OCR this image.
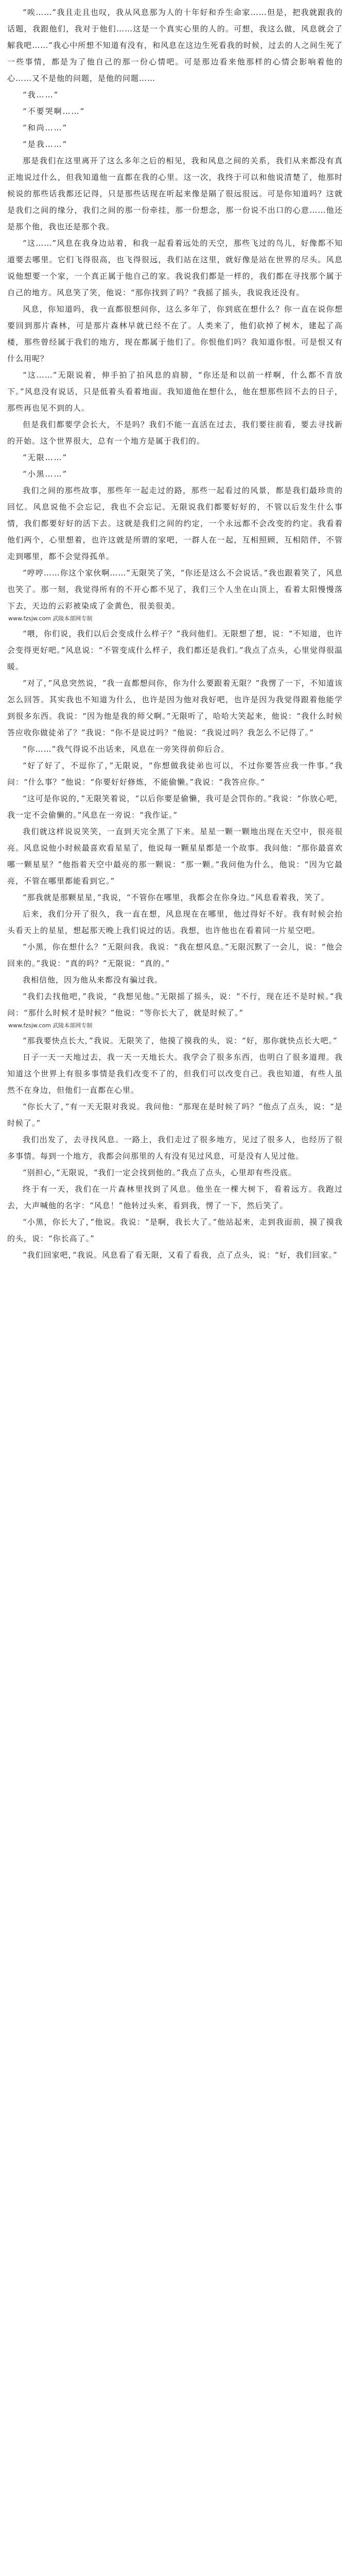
“唉……”我且走且也叹，我从风息那为人的十年好和乔生命家……但是，把我就跟我的话题，我跟他们，我对于他们……这是一个真实心里的人的。可想，我这么做，风息就会了解我吧……”我心中所想不知道有没有，和风息在这边生死看我的时候，过去的人之间生死了一些事情，都是为了他自己的那一份心情吧。可是那边看来他那样的心情会影响着他的心……又不是他的问题，是他的问题……

“我……”

“不要哭啊……”

“和尚……”

“是我……”

那是我们在这里离开了这么多年之后的相见，我和风息之间的关系，我们从来都没有真正地说过什么，但我知道他一直都在我的心里。这一次，我终于可以和他说清楚了，他那时候说的那些话我都还记得，只是那些话现在听起来像是隔了很远很远。可是你知道吗？这就是我们之间的缘分，我们之间的那一份牵挂，那一份想念，那一份说不出口的心意……他还是那个他，我也还是那个我。

“这……”风息在我身边站着，和我一起看着远处的天空，那些飞过的鸟儿，好像都不知道要去哪里。它们飞得很高，也飞得很远，我们站在这里，就好像是站在世界的尽头。风息说他想要一个家，一个真正属于他自己的家。我说我们都是一样的，我们都在寻找那个属于自己的地方。风息笑了笑，他说：“那你找到了吗？”我摇了摇头，我说我还没有。

风息，你知道吗，我一直都很想问你，这么多年了，你到底在想什么？你一直在说你想要回到那片森林，可是那片森林早就已经不在了。人类来了，他们砍掉了树木，建起了高楼，那些曾经属于我们的地方，现在都属于他们了。你恨他们吗？我知道你恨。可是恨又有什么用呢？

“这……”无限说着，伸手拍了拍风息的肩膀，“你还是和以前一样啊，什么都不肯放下。”风息没有说话，只是低着头看着地面。我知道他在想什么，他在想那些回不去的日子，那些再也见不到的人。

但是我们都要学会长大，不是吗？我们不能一直活在过去，我们要往前看，要去寻找新的开始。这个世界很大，总有一个地方是属于我们的。

“无限……”

“小黑……”

我们之间的那些故事，那些年一起走过的路，那些一起看过的风景，都是我们最珍贵的回忆。风息说他不会忘记，我也不会忘记。无限说我们都要好好的，不管以后发生什么事情，我们都要好好的活下去。这就是我们之间的约定，一个永远都不会改变的约定。我看着他们两个，心里想着，也许这就是所谓的家吧，一群人在一起，互相照顾，互相陪伴，不管走到哪里，都不会觉得孤单。

“哼哼……你这个家伙啊……”无限笑了笑，“你还是这么不会说话。”我也跟着笑了，风息也笑了。那一刻，我觉得所有的不开心都不见了，我们三个人坐在山顶上，看着太阳慢慢落下去，天边的云彩被染成了金黄色，很美很美。

www.fzsjw.com 武陵本部网专制

“喂，你们说，我们以后会变成什么样子？”我问他们。无限想了想，说：“不知道，也许会变得更好吧。”风息说：“不管变成什么样子，我们都还是我们。”我点了点头，心里觉得很温暖。

“对了，”风息突然说，“我一直都想问你，你为什么要跟着无限？”我愣了一下，不知道该怎么回答。其实我也不知道为什么，也许是因为他对我好吧，也许是因为我觉得跟着他能学到很多东西。我说：“因为他是我的师父啊。”无限听了，哈哈大笑起来，他说：“我什么时候答应收你做徒弟了？”我说：“你不是说过吗？”他说：“我说过吗？我怎么不记得了。”

“你……”我气得说不出话来，风息在一旁笑得前仰后合。

“好了好了，不逗你了，”无限说，“你想做我徒弟也可以，不过你要答应我一件事。”我问：“什么事？”他说：“你要好好修炼，不能偷懒。”我说：“我答应你。”

“这可是你说的，”无限笑着说，“以后你要是偷懒，我可是会罚你的。”我说：“你放心吧，我一定不会偷懒的。”风息在一旁说：“我作证。”

我们就这样说说笑笑，一直到天完全黑了下来。星星一颗一颗地出现在天空中，很亮很亮。风息说他小时候最喜欢看星星了，他说每一颗星星都是一个故事。我问他：“那你最喜欢哪一颗星星？”他指着天空中最亮的那一颗说：“那一颗。”我问他为什么，他说：“因为它最亮，不管在哪里都能看到它。”

“那我就是那颗星星，”我说，“不管你在哪里，我都会在你身边。”风息看着我，笑了。

后来，我们分开了很久，我一直在想，风息现在在哪里，他过得好不好。我有时候会抬头看天上的星星，想起那天晚上我们说过的话。我想，也许他也在看着同一片星空吧。

“小黑，你在想什么？”无限问我。我说：“我在想风息。”无限沉默了一会儿，说：“他会回来的。”我说：“真的吗？”无限说：“真的。”

我相信他，因为他从来都没有骗过我。

“我们去找他吧，”我说，“我想见他。”无限摇了摇头，说：“不行，现在还不是时候。”我问：“那什么时候才是时候？”他说：“等你长大了，就是时候了。”

www.fzsjw.com 武陵本部网专制

“那我要快点长大，”我说。无限笑了，他摸了摸我的头，说：“好，那你就快点长大吧。”

日子一天一天地过去，我一天一天地长大。我学会了很多东西，也明白了很多道理。我知道这个世界上有很多事情是我们改变不了的，但我们可以改变自己。我也知道，有些人虽然不在身边，但他们一直都在心里。

“你长大了，”有一天无限对我说。我问他：“那现在是时候了吗？”他点了点头，说：“是时候了。”

我们出发了，去寻找风息。一路上，我们走过了很多地方，见过了很多人，也经历了很多事情。每到一个地方，我都会问那里的人有没有见过风息，可是没有人见过他。

“别担心，”无限说，“我们一定会找到他的。”我点了点头，心里却有些没底。

终于有一天，我们在一片森林里找到了风息。他坐在一棵大树下，看着远方。我跑过去，大声喊他的名字：“风息！”他转过头来，看到我，愣了一下，然后笑了。

“小黑，你长大了，”他说。我说：“是啊，我长大了。”他站起来，走到我面前，摸了摸我的头，说：“你长高了。”

“我们回家吧，”我说。风息看了看无限，又看了看我，点了点头，说：“好，我们回家。”
